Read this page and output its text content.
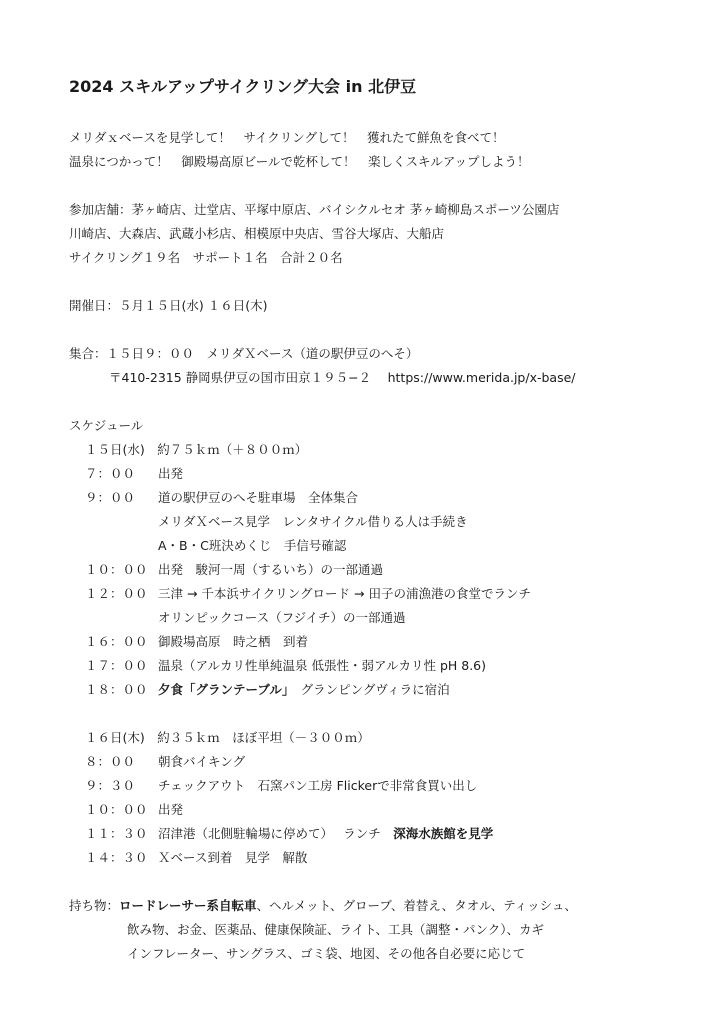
2024 スキルアップサイクリング大会 in 北伊豆
メリダｘベースを見学して！　サイクリングして！　獲れたて鮮魚を食べて！
温泉につかって！　御殿場高原ビールで乾杯して！　楽しくスキルアップしよう！
参加店舗：茅ヶ崎店、辻堂店、平塚中原店、バイシクルセオ 茅ヶ崎柳島スポーツ公園店
川崎店、大森店、武蔵小杉店、相模原中央店、雪谷大塚店、大船店
サイクリング１９名　サポート１名　合計２０名
開催日：５月１５日(水) １６日(木)
集合：１５日９：００　メリダＸベース（道の駅伊豆のへそ）
〒410-2315 静岡県伊豆の国市田京１９５−２　 https://www.merida.jp/x-base/
スケジュール
１５日(水)　約７５ｋｍ（＋８００ｍ）
７：００ 出発
９：００ 道の駅伊豆のへそ駐車場　全体集合
メリダＸベース見学　レンタサイクル借りる人は手続き
A・B・C班決めくじ　手信号確認
１０：００ 出発　駿河一周（するいち）の一部通過
１２：００ 三津 → 千本浜サイクリングロード → 田子の浦漁港の食堂でランチ
オリンピックコース（フジイチ）の一部通過
１６：００ 御殿場高原　時之栖　到着
１７：００ 温泉（アルカリ性単純温泉 低張性・弱アルカリ性 pH 8.6)
１８：００ 夕食「グランテーブル」　グランピングヴィラに宿泊
１６日(木)　約３５ｋｍ　ほぼ平坦（－３００ｍ）
８：００ 朝食バイキング
９：３０ チェックアウト　石窯パン工房 Flickerで非常食買い出し
１０：００ 出発
１１：３０ 沼津港（北側駐輪場に停めて）　 ランチ　深海水族館を見学
１４：３０ Ｘベース到着　見学　解散
持ち物：ロードレーサー系自転車、ヘルメット、グローブ、着替え、タオル、ティッシュ、
飲み物、お金、医薬品、健康保険証、ライト、工具（調整・パンク）、カギ
インフレーター、サングラス、ゴミ袋、地図、その他各自必要に応じて
